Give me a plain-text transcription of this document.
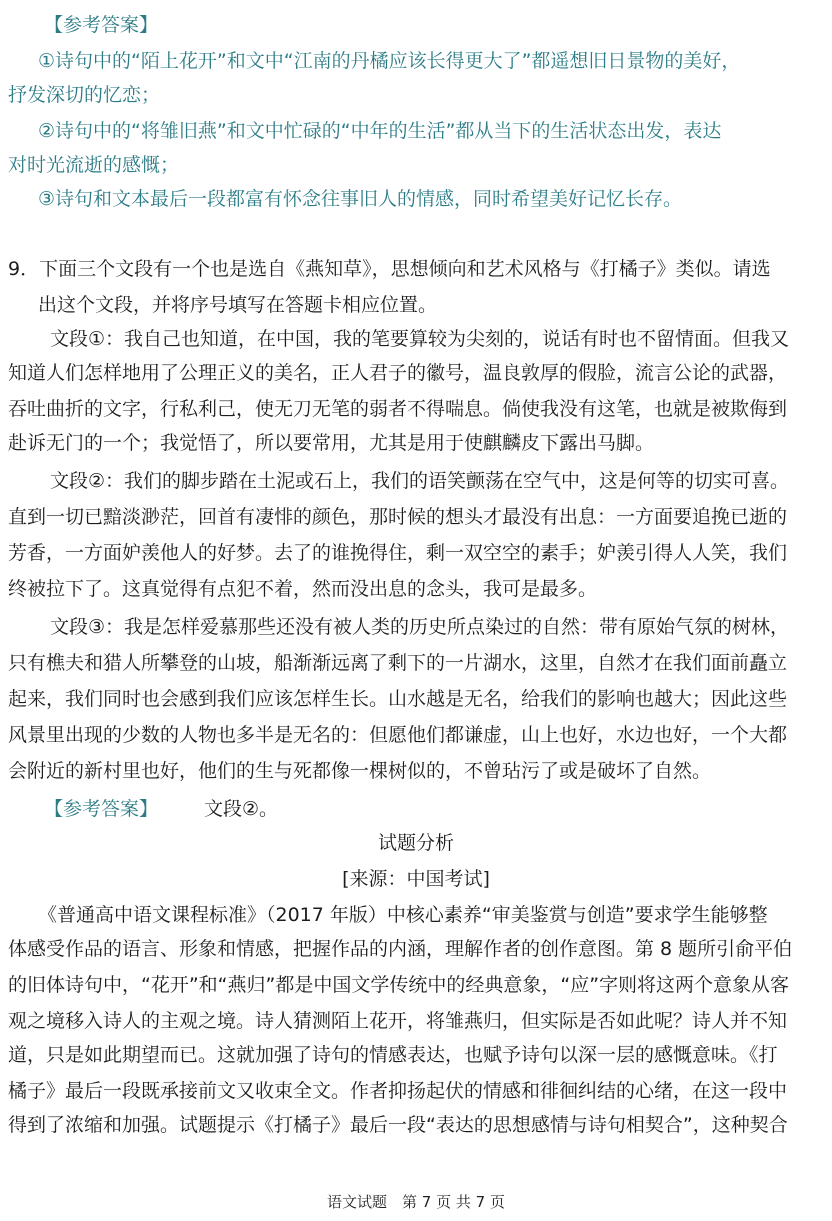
【参考答案】
①诗句中的“陌上花开”和文中“江南的丹橘应该长得更大了”都遥想旧日景物的美好，
抒发深切的忆恋；
②诗句中的“将雏旧燕”和文中忙碌的“中年的生活”都从当下的生活状态出发，表达
对时光流逝的感慨；
③诗句和文本最后一段都富有怀念往事旧人的情感，同时希望美好记忆长存。
9．下面三个文段有一个也是选自《燕知草》，思想倾向和艺术风格与《打橘子》类似。请选
出这个文段，并将序号填写在答题卡相应位置。
文段①：我自己也知道，在中国，我的笔要算较为尖刻的，说话有时也不留情面。但我又
知道人们怎样地用了公理正义的美名，正人君子的徽号，温良敦厚的假脸，流言公论的武器，
吞吐曲折的文字，行私利己，使无刀无笔的弱者不得喘息。倘使我没有这笔，也就是被欺侮到
赴诉无门的一个；我觉悟了，所以要常用，尤其是用于使麒麟皮下露出马脚。
文段②：我们的脚步踏在土泥或石上，我们的语笑颤荡在空气中，这是何等的切实可喜。
直到一切已黯淡渺茫，回首有凄悱的颜色，那时候的想头才最没有出息：一方面要追挽已逝的
芳香，一方面妒羡他人的好梦。去了的谁挽得住，剩一双空空的素手；妒羡引得人人笑，我们
终被拉下了。这真觉得有点犯不着，然而没出息的念头，我可是最多。
文段③：我是怎样爱慕那些还没有被人类的历史所点染过的自然：带有原始气氛的树林，
只有樵夫和猎人所攀登的山坡，船渐渐远离了剩下的一片湖水，这里，自然才在我们面前矗立
起来，我们同时也会感到我们应该怎样生长。山水越是无名，给我们的影响也越大；因此这些
风景里出现的少数的人物也多半是无名的：但愿他们都谦虚，山上也好，水边也好，一个大都
会附近的新村里也好，他们的生与死都像一棵树似的，不曾玷污了或是破坏了自然。
【参考答案】	文段②。
试题分析
[来源：中国考试]
《普通高中语文课程标准》（2017 年版）中核心素养“审美鉴赏与创造”要求学生能够整
体感受作品的语言、形象和情感，把握作品的内涵，理解作者的创作意图。第 8 题所引俞平伯
的旧体诗句中，“花开”和“燕归”都是中国文学传统中的经典意象，“应”字则将这两个意象从客
观之境移入诗人的主观之境。诗人猜测陌上花开，将雏燕归，但实际是否如此呢？诗人并不知
道，只是如此期望而已。这就加强了诗句的情感表达，也赋予诗句以深一层的感慨意味。《打
橘子》最后一段既承接前文又收束全文。作者抑扬起伏的情感和徘徊纠结的心绪，在这一段中
得到了浓缩和加强。试题提示《打橘子》最后一段“表达的思想感情与诗句相契合”，这种契合
语文试题　第 7 页 共 7 页
